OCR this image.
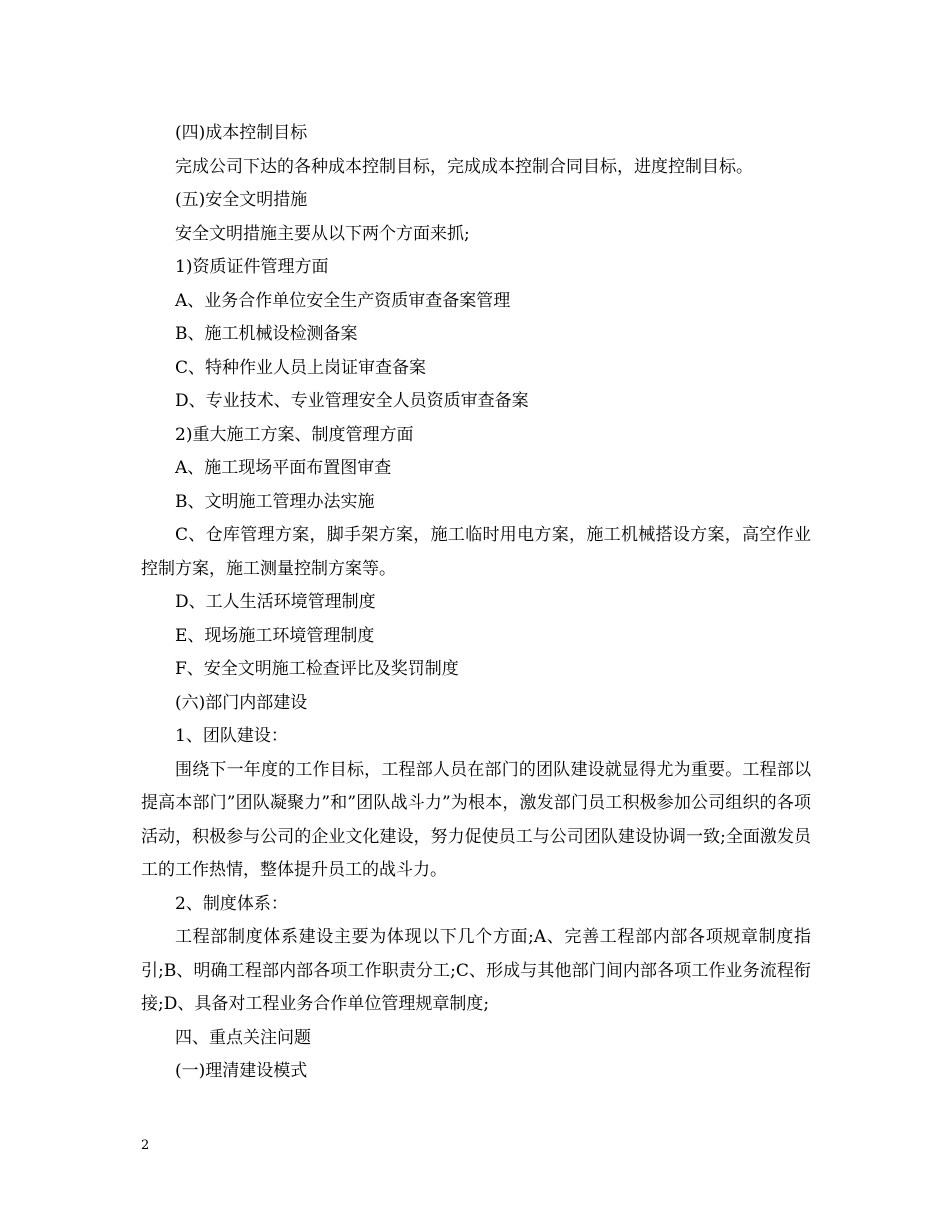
(四)成本控制目标

完成公司下达的各种成本控制目标，完成成本控制合同目标，进度控制目标。

(五)安全文明措施

安全文明措施主要从以下两个方面来抓;

1)资质证件管理方面

A、业务合作单位安全生产资质审查备案管理

B、施工机械设检测备案

C、特种作业人员上岗证审查备案

D、专业技术、专业管理安全人员资质审查备案

2)重大施工方案、制度管理方面

A、施工现场平面布置图审查

B、文明施工管理办法实施

C、仓库管理方案，脚手架方案，施工临时用电方案，施工机械搭设方案，高空作业控制方案，施工测量控制方案等。

D、工人生活环境管理制度

E、现场施工环境管理制度

F、安全文明施工检查评比及奖罚制度

(六)部门内部建设

1、团队建设：

围绕下一年度的工作目标，工程部人员在部门的团队建设就显得尤为重要。工程部以提高本部门”团队凝聚力”和”团队战斗力”为根本，激发部门员工积极参加公司组织的各项活动，积极参与公司的企业文化建设，努力促使员工与公司团队建设协调一致;全面激发员工的工作热情，整体提升员工的战斗力。

2、制度体系：

工程部制度体系建设主要为体现以下几个方面;A、完善工程部内部各项规章制度指引;B、明确工程部内部各项工作职责分工;C、形成与其他部门间内部各项工作业务流程衔接;D、具备对工程业务合作单位管理规章制度;

四、重点关注问题

(一)理清建设模式

2
